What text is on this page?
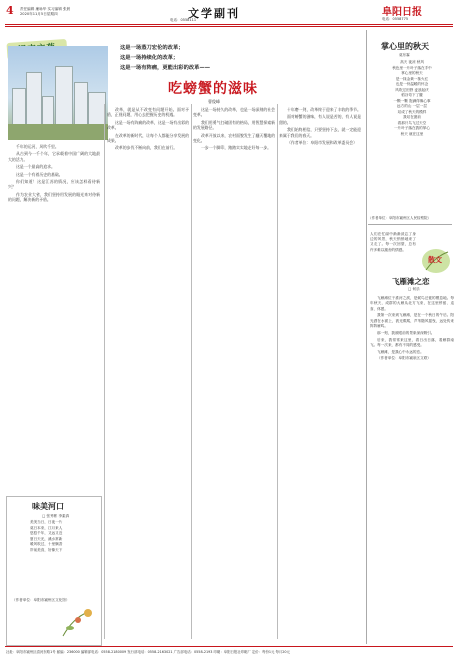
4 责任编辑 廉咏华 实习编辑 张晨
2020年11月5日星期四	文学副刊
电话：0558111
阜阳日报
电话：0558775
这是一场蒸刀宏伦的改革；
这是一场持续化的改革；
这是一场有阵痛，更能出彩的改革——
吃螃蟹的滋味
曹俊峰

千年的运河，风吹千里。

从古到今一千个年，它承载着中国广阔的大地最大的活力。

这是一个最高的追求。

这是一个有着历史的基础。

你们知道！这是江苏的情况，应该怎样看待新兴？

作为农业大省，我们坚持用发展的眼光来对待新的问题，解决新的矛盾。

改革，就是从不改变有问题开始。面对矛盾，正视问题，用心去把握历史的机遇。

这是一场有阵痛的改革，这是一场有出彩的改革。

在改革的新时代，让每个人都能分享发展的成果。

改革的步伐不断向前，我们在前行。

这是一场持久的改革，也是一场深刻的社会变革。

我们用勇气打破固有的格局，用智慧探索新的发展路径。

改革开放以来，农村面貌发生了翻天覆地的变化。

一步一个脚印，踏踏实实地走好每一步。

十年磨一剑，改革终于迎来了丰收的季节。

面对螃蟹的滋味，有人说是苦的，有人说是甜的。

我们始终相信，只要坚持下去，就一定能迎来属于我们的春天。

（作者单位：阜阳市发展和改革委员会）

味美河口
□ 张秀彬 李素真
美美当日，日夜一片
莫日本来，江月来人
悠悠千年，又远又近
夏日天光，溪水常新
暖风吹过，十里飘香
岸前美食，好像天下
（作者单位：阜阳市颍州区文化馆）
掌心里的秋天
莫东霖
高天 夜凉 秋风
秋色里一片叶子落在手中
掌心里的秋天
是一抹金黄一抹火红
也是一份温暖的怀念
风吹过田野 麦浪起伏
稻谷弯下了腰
一颗一颗 饱满得像心事
远方的山 一层一层
站成了秋天的模样
我站在窗前
看那只鸟飞过天空
一片叶子落在我的掌心
秋天 就在这里
（作者单位：阜阳市颍州区人民检察院）
人们在忙碌中渐渐淡忘了身边的风景，秋天悄悄地来了又走了。每一次回望，总有许多难以割舍的情感。
散文
飞雁滩之恋
□ 何乐

飞雁滩位于淮河之滨，是候鸟迁徙的栖息地。每年秋天，成群的大雁从北方飞来，在这里停留、觅食、休憩。

我第一次来到飞雁滩，是在一个秋日的午后。阳光洒在水面上，波光粼粼，芦苇随风摇曳，远处传来阵阵雁鸣。

那一刻，我被眼前的景象深深吸引。

后来，我常常来这里，看日出日落，看雁群南飞。每一次来，都有不同的感受。

飞雁滩，是我心中永远的恋。

（作者单位：阜阳市颍泉区文联）

社址：阜阳市颍州区清河东路1号 邮编：236000 编辑部电话：0558-2180009 发行部电话：0558-2163021 广告部电话：0558-2193 印刷：阜阳日报社印刷厂 定价：每份1元 每月20元
